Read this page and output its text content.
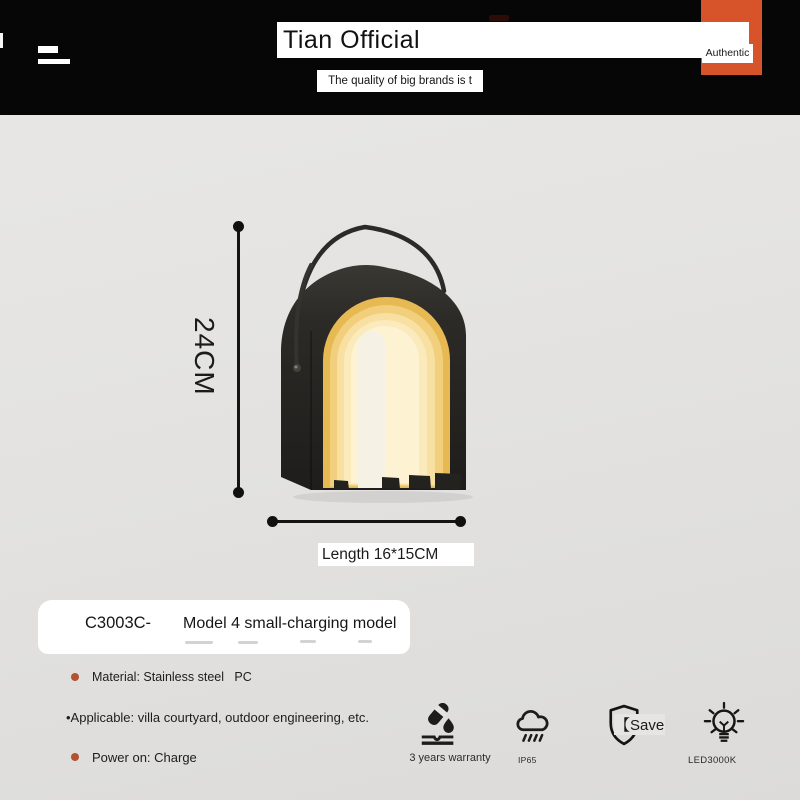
Tian Official	Authentic
The quality of big brands is t
24CM
Length 16*15CM
C3003C- Model 4 small-charging model
Material: Stainless steel   PC
•Applicable: villa courtyard, outdoor engineering, etc.
Power on: Charge	3 years warranty	IP65
【Save
LED3000K
